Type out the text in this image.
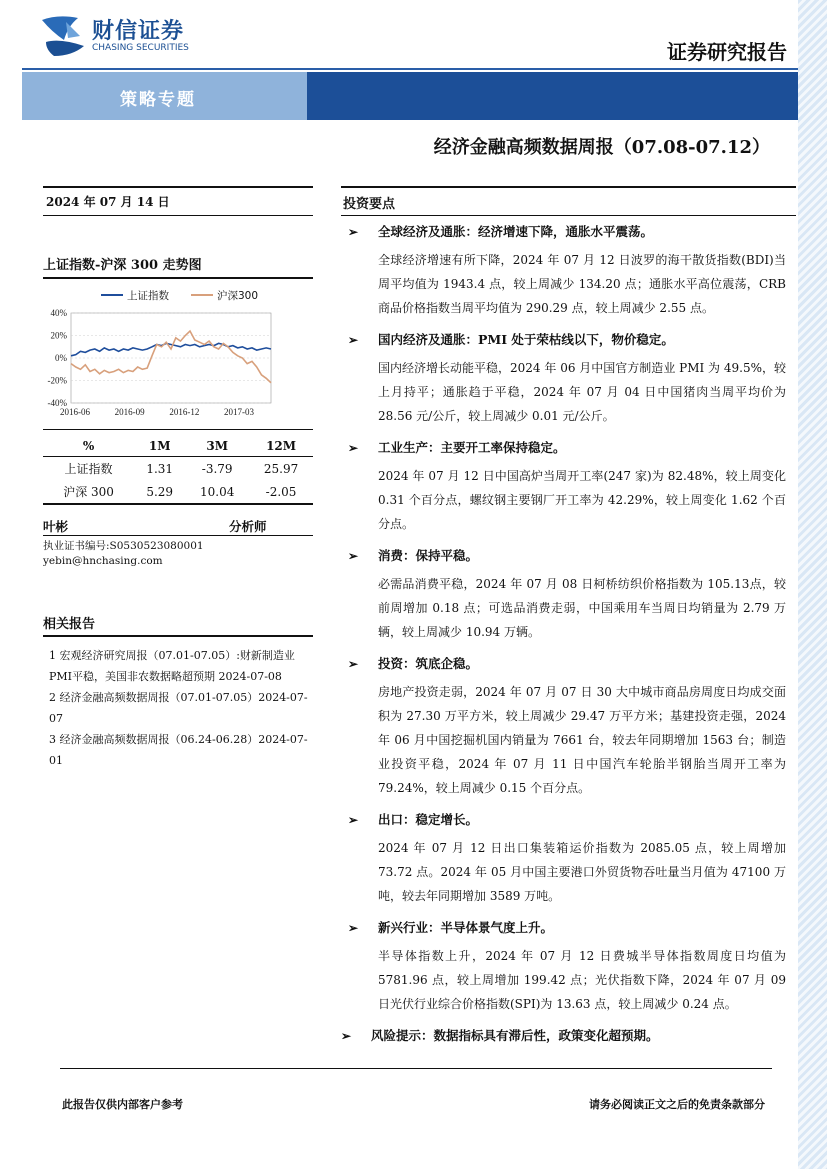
财信证券
CHASING SECURITIES	证券研究报告
策略专题
经济金融高频数据周报（07.08-07.12）
2024 年 07 月 14 日
上证指数-沪深 300 走势图
40%
20%
0%
-20%
-40%
2016-06	2016-09	2016-12	2017-03
上证指数	沪深300
%	1M	3M	12M
上证指数	1.31	-3.79	25.97
沪深 300	5.29	10.04	-2.05
叶彬	分析师
执业证书编号:S0530523080001
yebin@hnchasing.com
相关报告
1 宏观经济研究周报（07.01-07.05）:财新制造业PMI平稳，美国非农数据略超预期 2024-07-08
2 经济金融高频数据周报（07.01-07.05）2024-07-07
3 经济金融高频数据周报（06.24-06.28）2024-07-01
投资要点
➢ 全球经济及通胀：经济增速下降，通胀水平震荡。
全球经济增速有所下降，2024 年 07 月 12 日波罗的海干散货指数(BDI)当周平均值为 1943.4 点，较上周减少 134.20 点；通胀水平高位震荡，CRB 商品价格指数当周平均值为 290.29 点，较上周减少 2.55 点。
➢ 国内经济及通胀：PMI 处于荣枯线以下，物价稳定。
国内经济增长动能平稳，2024 年 06 月中国官方制造业 PMI 为 49.5%，较上月持平；通胀趋于平稳，2024 年 07 月 04 日中国猪肉当周平均价为 28.56 元/公斤，较上周减少 0.01 元/公斤。
➢ 工业生产：主要开工率保持稳定。
2024 年 07 月 12 日中国高炉当周开工率(247 家)为 82.48%，较上周变化 0.31 个百分点，螺纹钢主要钢厂开工率为 42.29%，较上周变化 1.62 个百分点。
➢ 消费：保持平稳。
必需品消费平稳，2024 年 07 月 08 日柯桥纺织价格指数为 105.13点，较前周增加 0.18 点；可选品消费走弱，中国乘用车当周日均销量为 2.79 万辆，较上周减少 10.94 万辆。
➢ 投资：筑底企稳。
房地产投资走弱，2024 年 07 月 07 日 30 大中城市商品房周度日均成交面积为 27.30 万平方米，较上周减少 29.47 万平方米；基建投资走强，2024 年 06 月中国挖掘机国内销量为 7661 台，较去年同期增加 1563 台；制造业投资平稳，2024 年 07 月 11 日中国汽车轮胎半钢胎当周开工率为 79.24%，较上周减少 0.15 个百分点。
➢ 出口：稳定增长。
2024 年 07 月 12 日出口集装箱运价指数为 2085.05 点，较上周增加 73.72 点。2024 年 05 月中国主要港口外贸货物吞吐量当月值为 47100 万吨，较去年同期增加 3589 万吨。
➢ 新兴行业：半导体景气度上升。
半导体指数上升，2024 年 07 月 12 日费城半导体指数周度日均值为 5781.96 点，较上周增加 199.42 点；光伏指数下降，2024 年 07 月 09 日光伏行业综合价格指数(SPI)为 13.63 点，较上周减少 0.24 点。
➢ 风险提示：数据指标具有滞后性，政策变化超预期。
此报告仅供内部客户参考	请务必阅读正文之后的免责条款部分
